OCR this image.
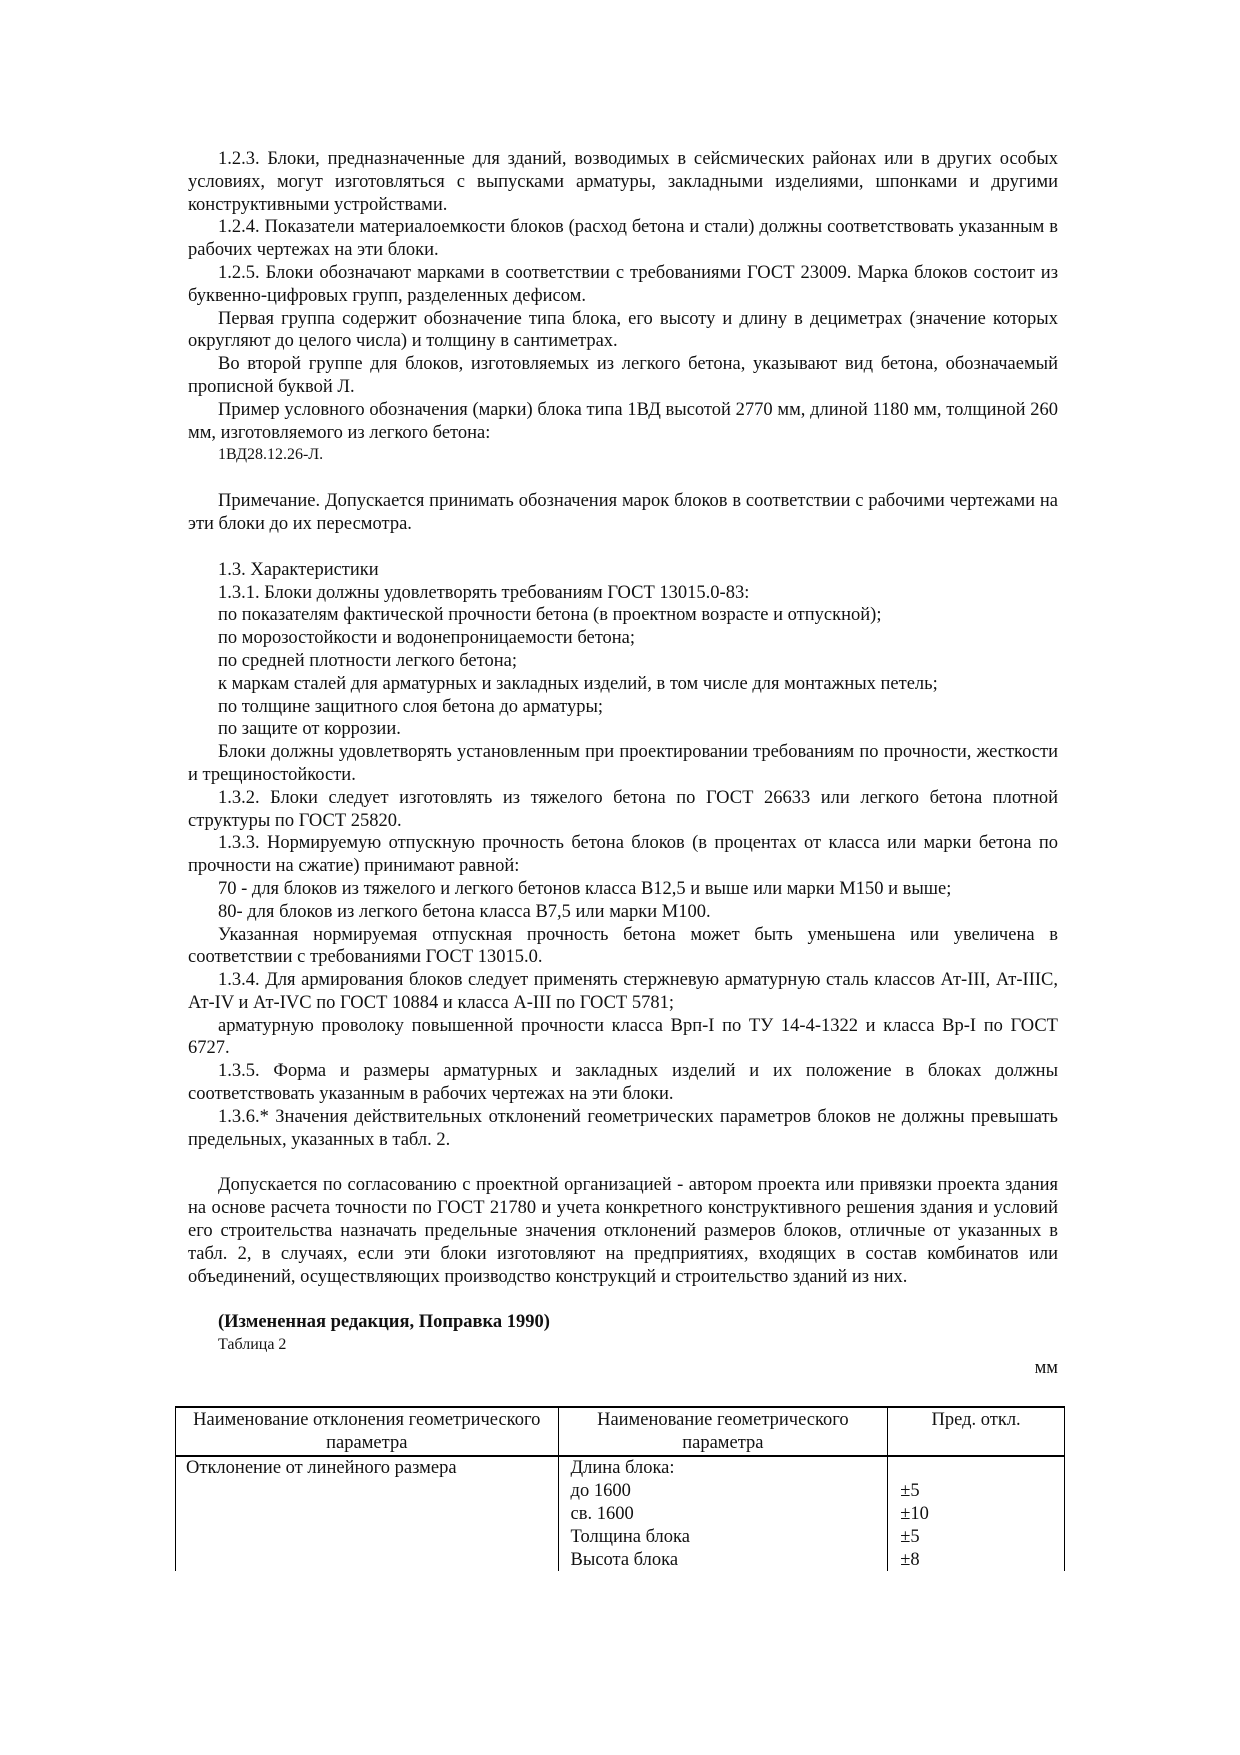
1.2.3. Блоки, предназначенные для зданий, возводимых в сейсмических районах или в других особых условиях, могут изготовляться с выпусками арматуры, закладными изделиями, шпонками и другими конструктивными устройствами.

1.2.4. Показатели материалоемкости блоков (расход бетона и стали) должны соответствовать указанным в рабочих чертежах на эти блоки.

1.2.5. Блоки обозначают марками в соответствии с требованиями ГОСТ 23009. Марка блоков состоит из буквенно-цифровых групп, разделенных дефисом.

Первая группа содержит обозначение типа блока, его высоту и длину в дециметрах (значение которых округляют до целого числа) и толщину в сантиметрах.

Во второй группе для блоков, изготовляемых из легкого бетона, указывают вид бетона, обозначаемый прописной буквой Л.

Пример условного обозначения (марки) блока типа 1ВД высотой 2770 мм, длиной 1180 мм, толщиной 260 мм, изготовляемого из легкого бетона:

1ВД28.12.26-Л.

Примечание. Допускается принимать обозначения марок блоков в соответствии с рабочими чертежами на эти блоки до их пересмотра.

1.3. Характеристики

1.3.1. Блоки должны удовлетворять требованиям ГОСТ 13015.0-83:

по показателям фактической прочности бетона (в проектном возрасте и отпускной);

по морозостойкости и водонепроницаемости бетона;

по средней плотности легкого бетона;

к маркам сталей для арматурных и закладных изделий, в том числе для монтажных петель;

по толщине защитного слоя бетона до арматуры;

по защите от коррозии.

Блоки должны удовлетворять установленным при проектировании требованиям по прочности, жесткости и трещиностойкости.

1.3.2. Блоки следует изготовлять из тяжелого бетона по ГОСТ 26633 или легкого бетона плотной структуры по ГОСТ 25820.

1.3.3. Нормируемую отпускную прочность бетона блоков (в процентах от класса или марки бетона по прочности на сжатие) принимают равной:

70 - для блоков из тяжелого и легкого бетонов класса В12,5 и выше или марки М150 и выше;

80- для блоков из легкого бетона класса В7,5 или марки М100.

Указанная нормируемая отпускная прочность бетона может быть уменьшена или увеличена в соответствии с требованиями ГОСТ 13015.0.

1.3.4. Для армирования блоков следует применять стержневую арматурную сталь классов Ат-III, Ат-IIIС, Ат-IV и Ат-IVС по ГОСТ 10884 и класса А-III по ГОСТ 5781;

арматурную проволоку повышенной прочности класса Врп-I по ТУ 14-4-1322 и класса Вр-I по ГОСТ 6727.

1.3.5. Форма и размеры арматурных и закладных изделий и их положение в блоках должны соответствовать указанным в рабочих чертежах на эти блоки.

1.3.6.* Значения действительных отклонений геометрических параметров блоков не должны превышать предельных, указанных в табл. 2.

Допускается по согласованию с проектной организацией - автором проекта или привязки проекта здания на основе расчета точности по ГОСТ 21780 и учета конкретного конструктивного решения здания и условий его строительства назначать предельные значения отклонений размеров блоков, отличные от указанных в табл. 2, в случаях, если эти блоки изготовляют на предприятиях, входящих в состав комбинатов или объединений, осуществляющих производство конструкций и строительство зданий из них.

(Измененная редакция, Поправка 1990)

Таблица 2

мм

Наименование отклонения геометрического параметра	Наименование геометрического параметра	Пред. откл.
Отклонение от линейного размера	Длина блока:	
	до 1600	±5
	св. 1600	±10
	Толщина блока	±5
	Высота блока	±8
